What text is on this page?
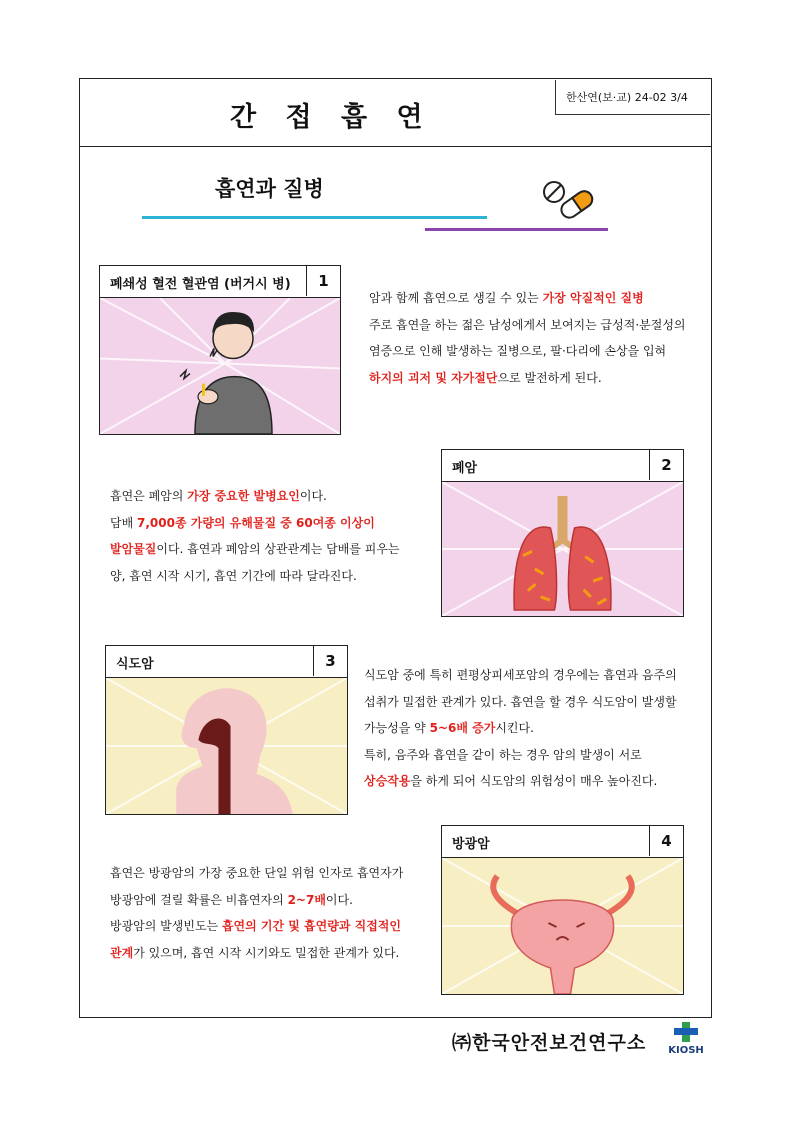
간 접 흡 연
한산연(보·교) 24-02 3/4
흡연과 질병
폐쇄성 혈전 혈관염 (버거시 병)	1
암과 함께 흡연으로 생길 수 있는 가장 악질적인 질병
주로 흡연을 하는 젊은 남성에게서 보여지는 급성적·분절성의
염증으로 인해 발생하는 질병으로, 팔·다리에 손상을 입혀
하지의 괴저 및 자가절단으로 발전하게 된다.
폐암	2
흡연은 폐암의 가장 중요한 발병요인이다.
담배 7,000종 가량의 유해물질 중 60여종 이상이
발암물질이다. 흡연과 폐암의 상관관계는 담배를 피우는
양, 흡연 시작 시기, 흡연 기간에 따라 달라진다.
식도암	3
식도암 중에 특히 편평상피세포암의 경우에는 흡연과 음주의
섭취가 밀접한 관계가 있다. 흡연을 할 경우 식도암이 발생할
가능성을 약 5~6배 증가시킨다.
특히, 음주와 흡연을 같이 하는 경우 암의 발생이 서로
상승작용을 하게 되어 식도암의 위험성이 매우 높아진다.
방광암	4
흡연은 방광암의 가장 중요한 단일 위험 인자로 흡연자가
방광암에 걸릴 확률은 비흡연자의 2~7배이다.
방광암의 발생빈도는 흡연의 기간 및 흡연량과 직접적인
관계가 있으며, 흡연 시작 시기와도 밀접한 관계가 있다.
㈜한국안전보건연구소	KIOSH
